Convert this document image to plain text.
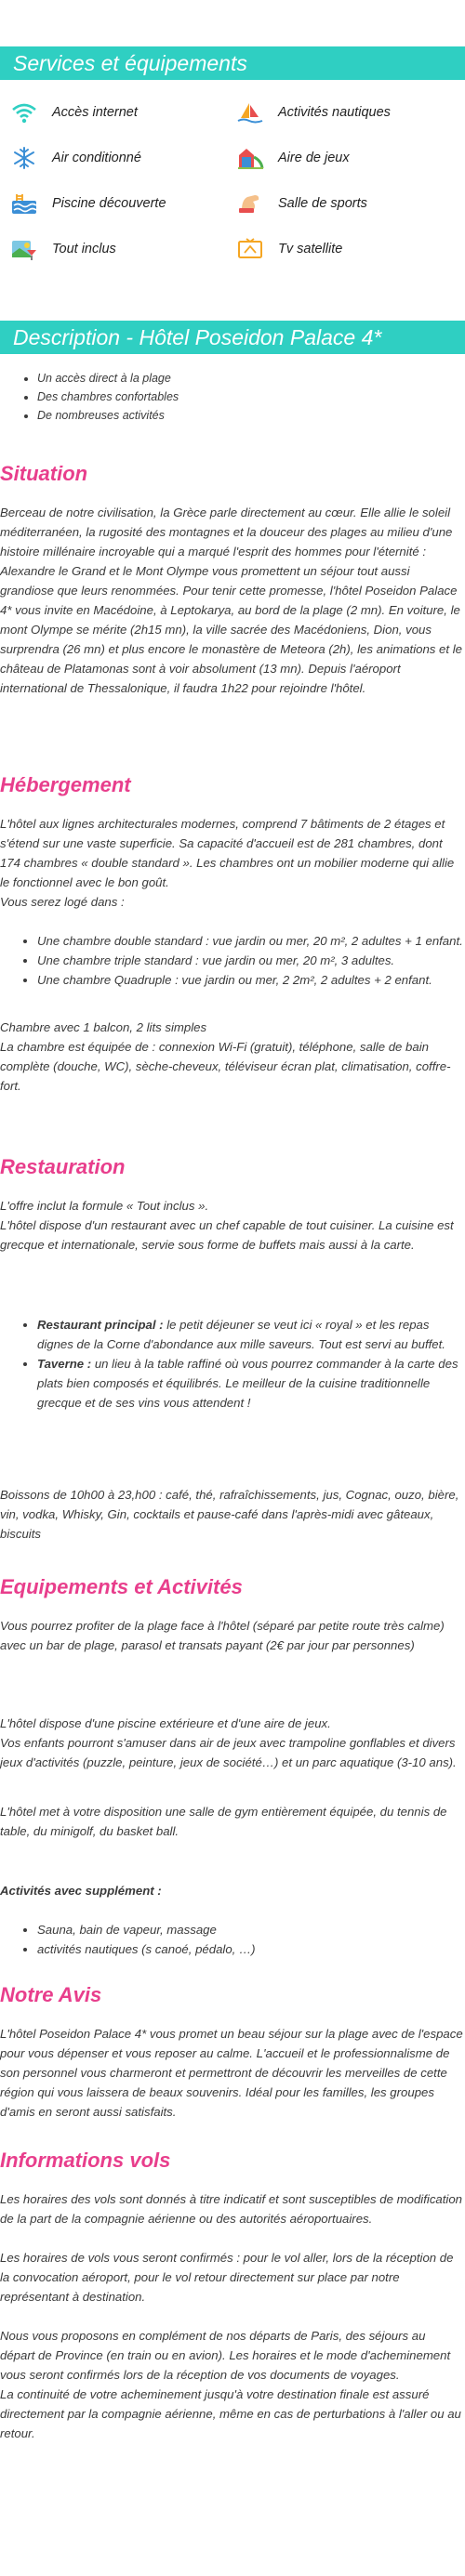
Services et équipements
Accès internet	Activités nautiques
Air conditionné	Aire de jeux
Piscine découverte	Salle de sports
Tout inclus	Tv satellite
Description - Hôtel Poseidon Palace 4*
• Un accès direct à la plage
• Des chambres confortables
• De nombreuses activités
Situation

Berceau de notre civilisation, la Grèce parle directement au cœur. Elle allie le soleil méditerranéen, la rugosité des montagnes et la douceur des plages au milieu d'une histoire millénaire incroyable qui a marqué l'esprit des hommes pour l'éternité : Alexandre le Grand et le Mont Olympe vous promettent un séjour tout aussi grandiose que leurs renommées. Pour tenir cette promesse, l'hôtel Poseidon Palace 4* vous invite en Macédoine, à Leptokarya, au bord de la plage (2 mn). En voiture, le mont Olympe se mérite (2h15 mn), la ville sacrée des Macédoniens, Dion, vous surprendra (26 mn) et plus encore le monastère de Meteora (2h), les animations et le château de Platamonas sont à voir absolument (13 mn). Depuis l'aéroport international de Thessalonique, il faudra 1h22 pour rejoindre l'hôtel.

Hébergement

L'hôtel aux lignes architecturales modernes, comprend 7 bâtiments de 2 étages et s'étend sur une vaste superficie. Sa capacité d'accueil est de 281 chambres, dont 174 chambres « double standard ». Les chambres ont un mobilier moderne qui allie le fonctionnel avec le bon goût.

Vous serez logé dans :

• Une chambre double standard : vue jardin ou mer, 20 m², 2 adultes + 1 enfant.
• Une chambre triple standard : vue jardin ou mer, 20 m², 3 adultes.
• Une chambre Quadruple : vue jardin ou mer, 2 2m², 2 adultes + 2 enfant.

Chambre avec 1 balcon, 2 lits simples

La chambre est équipée de : connexion Wi-Fi (gratuit), téléphone, salle de bain complète (douche, WC), sèche-cheveux, téléviseur écran plat, climatisation, coffre-fort.

Restauration

L'offre inclut la formule « Tout inclus ».

L'hôtel dispose d'un restaurant avec un chef capable de tout cuisiner. La cuisine est grecque et internationale, servie sous forme de buffets mais aussi à la carte.

• Restaurant principal : le petit déjeuner se veut ici « royal » et les repas dignes de la Corne d'abondance aux mille saveurs. Tout est servi au buffet.
• Taverne : un lieu à la table raffiné où vous pourrez commander à la carte des plats bien composés et équilibrés. Le meilleur de la cuisine traditionnelle grecque et de ses vins vous attendent !

Boissons de 10h00 à 23,h00 : café, thé, rafraîchissements, jus, Cognac, ouzo, bière, vin, vodka, Whisky, Gin, cocktails et pause-café dans l'après-midi avec gâteaux, biscuits

Equipements et Activités

Vous pourrez profiter de la plage face à l'hôtel (séparé par petite route très calme) avec un bar de plage, parasol et transats payant (2€ par jour par personnes)

L'hôtel dispose d'une piscine extérieure et d'une aire de jeux.

Vos enfants pourront s'amuser dans air de jeux avec trampoline gonflables et divers jeux d'activités (puzzle, peinture, jeux de société…) et un parc aquatique (3-10 ans).

L'hôtel met à votre disposition une salle de gym entièrement équipée, du tennis de table, du minigolf, du basket ball.

Activités avec supplément :

• Sauna, bain de vapeur, massage
• activités nautiques (s canoé, pédalo, …)
Notre Avis

L'hôtel Poseidon Palace 4* vous promet un beau séjour sur la plage avec de l'espace pour vous dépenser et vous reposer au calme. L'accueil et le professionnalisme de son personnel vous charmeront et permettront de découvrir les merveilles de cette région qui vous laissera de beaux souvenirs. Idéal pour les familles, les groupes d'amis en seront aussi satisfaits.

Informations vols

Les horaires des vols sont donnés à titre indicatif et sont susceptibles de modification de la part de la compagnie aérienne ou des autorités aéroportuaires.

Les horaires de vols vous seront confirmés : pour le vol aller, lors de la réception de la convocation aéroport, pour le vol retour directement sur place par notre représentant à destination.

Nous vous proposons en complément de nos départs de Paris, des séjours au départ de Province (en train ou en avion). Les horaires et le mode d'acheminement vous seront confirmés lors de la réception de vos documents de voyages.

La continuité de votre acheminement jusqu'à votre destination finale est assuré directement par la compagnie aérienne, même en cas de perturbations à l'aller ou au retour.
